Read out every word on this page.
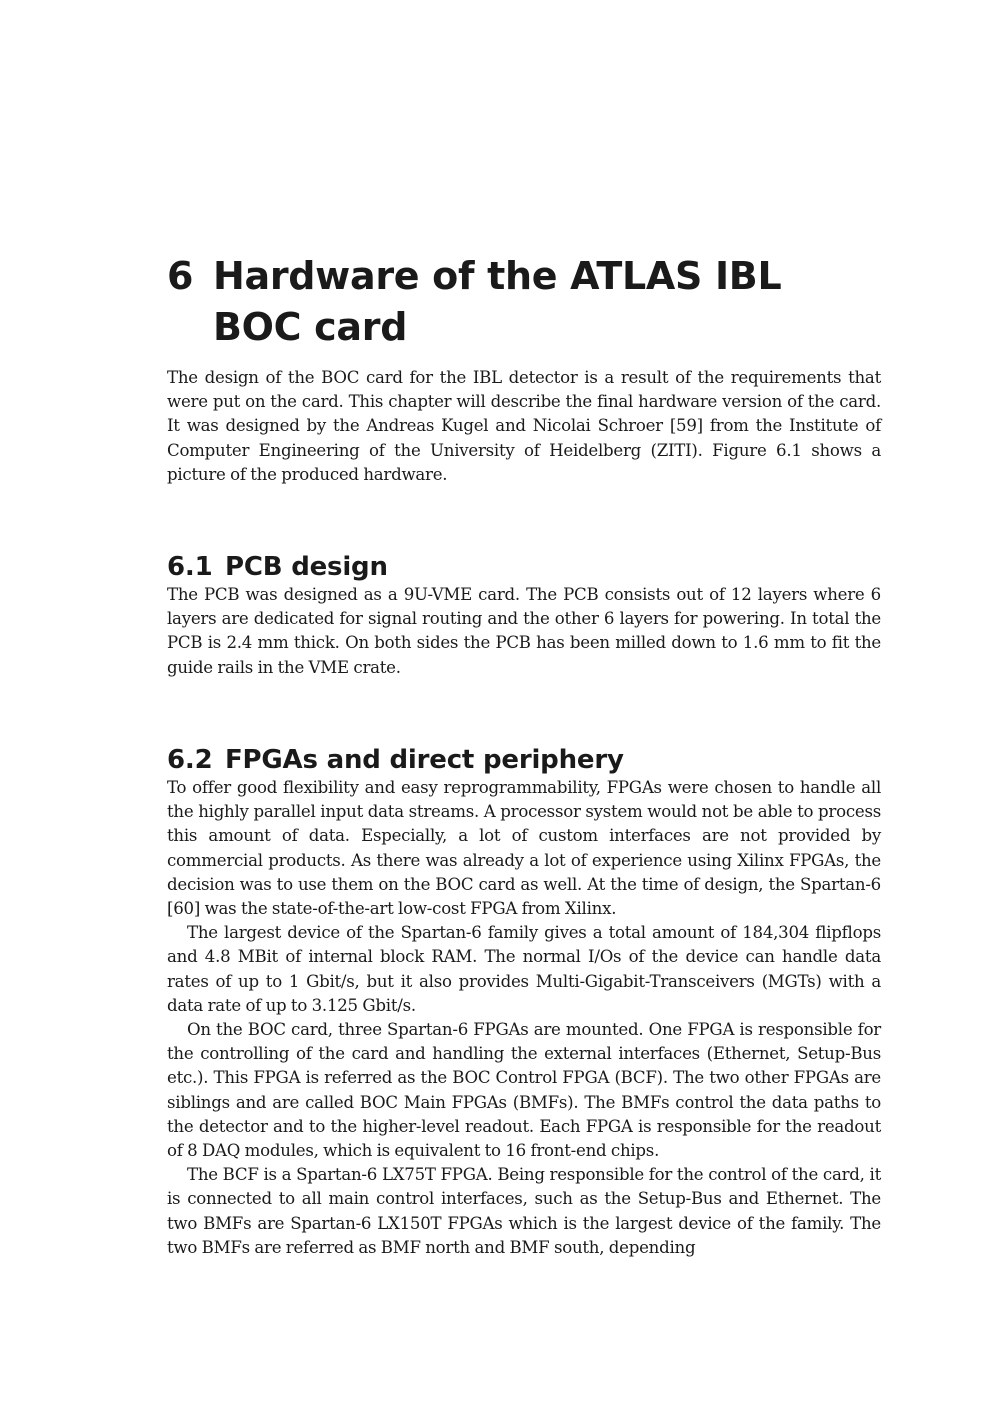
6 Hardware of the ATLAS IBL BOC card

The design of the BOC card for the IBL detector is a result of the requirements that were put on the card. This chapter will describe the final hardware version of the card. It was designed by the Andreas Kugel and Nicolai Schroer [59] from the Institute of Computer Engineering of the University of Heidelberg (ZITI). Figure 6.1 shows a picture of the produced hardware.

6.1 PCB design

The PCB was designed as a 9U-VME card. The PCB consists out of 12 layers where 6 layers are dedicated for signal routing and the other 6 layers for powering. In total the PCB is 2.4 mm thick. On both sides the PCB has been milled down to 1.6 mm to fit the guide rails in the VME crate.

6.2 FPGAs and direct periphery

To offer good flexibility and easy reprogrammability, FPGAs were chosen to handle all the highly parallel input data streams. A processor system would not be able to process this amount of data. Especially, a lot of custom interfaces are not provided by commercial products. As there was already a lot of experience using Xilinx FPGAs, the decision was to use them on the BOC card as well. At the time of design, the Spartan-6 [60] was the state-of-the-art low-cost FPGA from Xilinx.

The largest device of the Spartan-6 family gives a total amount of 184,304 flipflops and 4.8 MBit of internal block RAM. The normal I/Os of the device can handle data rates of up to 1 Gbit/s, but it also provides Multi-Gigabit-Transceivers (MGTs) with a data rate of up to 3.125 Gbit/s.

On the BOC card, three Spartan-6 FPGAs are mounted. One FPGA is responsible for the controlling of the card and handling the external interfaces (Ethernet, Setup-Bus etc.). This FPGA is referred as the BOC Control FPGA (BCF). The two other FPGAs are siblings and are called BOC Main FPGAs (BMFs). The BMFs control the data paths to the detector and to the higher-level readout. Each FPGA is responsible for the readout of 8 DAQ modules, which is equivalent to 16 front-end chips.

The BCF is a Spartan-6 LX75T FPGA. Being responsible for the control of the card, it is connected to all main control interfaces, such as the Setup-Bus and Ethernet. The two BMFs are Spartan-6 LX150T FPGAs which is the largest device of the family. The two BMFs are referred as BMF north and BMF south, depending
